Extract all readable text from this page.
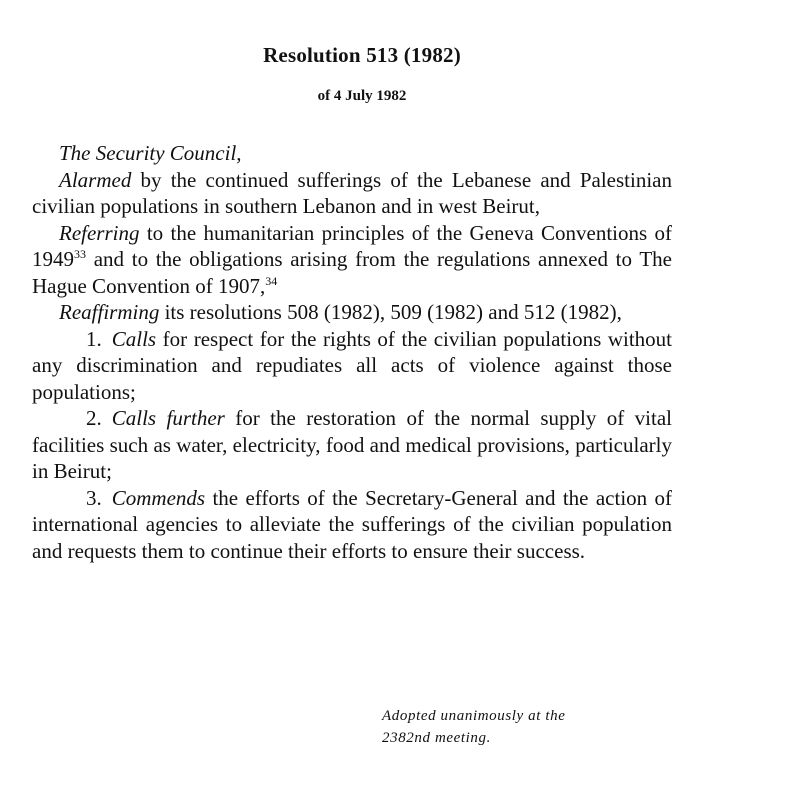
Resolution 513 (1982)
of 4 July 1982

The Security Council,

Alarmed by the continued sufferings of the Lebanese and Palestinian civilian populations in southern Lebanon and in west Beirut,

Referring to the humanitarian principles of the Geneva Conventions of 1949$^{33}$ and to the obligations arising from the regulations annexed to The Hague Convention of 1907,34

Reaffirming its resolutions 508 (1982), 509 (1982) and 512 (1982),

1. Calls for respect for the rights of the civilian populations without any discrimination and repudiates all acts of violence against those populations;

2. Calls further for the restoration of the normal supply of vital facilities such as water, electricity, food and medical provisions, particularly in Beirut;

3. Commends the efforts of the Secretary-General and the action of international agencies to alleviate the sufferings of the civilian population and requests them to continue their efforts to ensure their success.

Adopted unanimously at the
2382nd meeting.
